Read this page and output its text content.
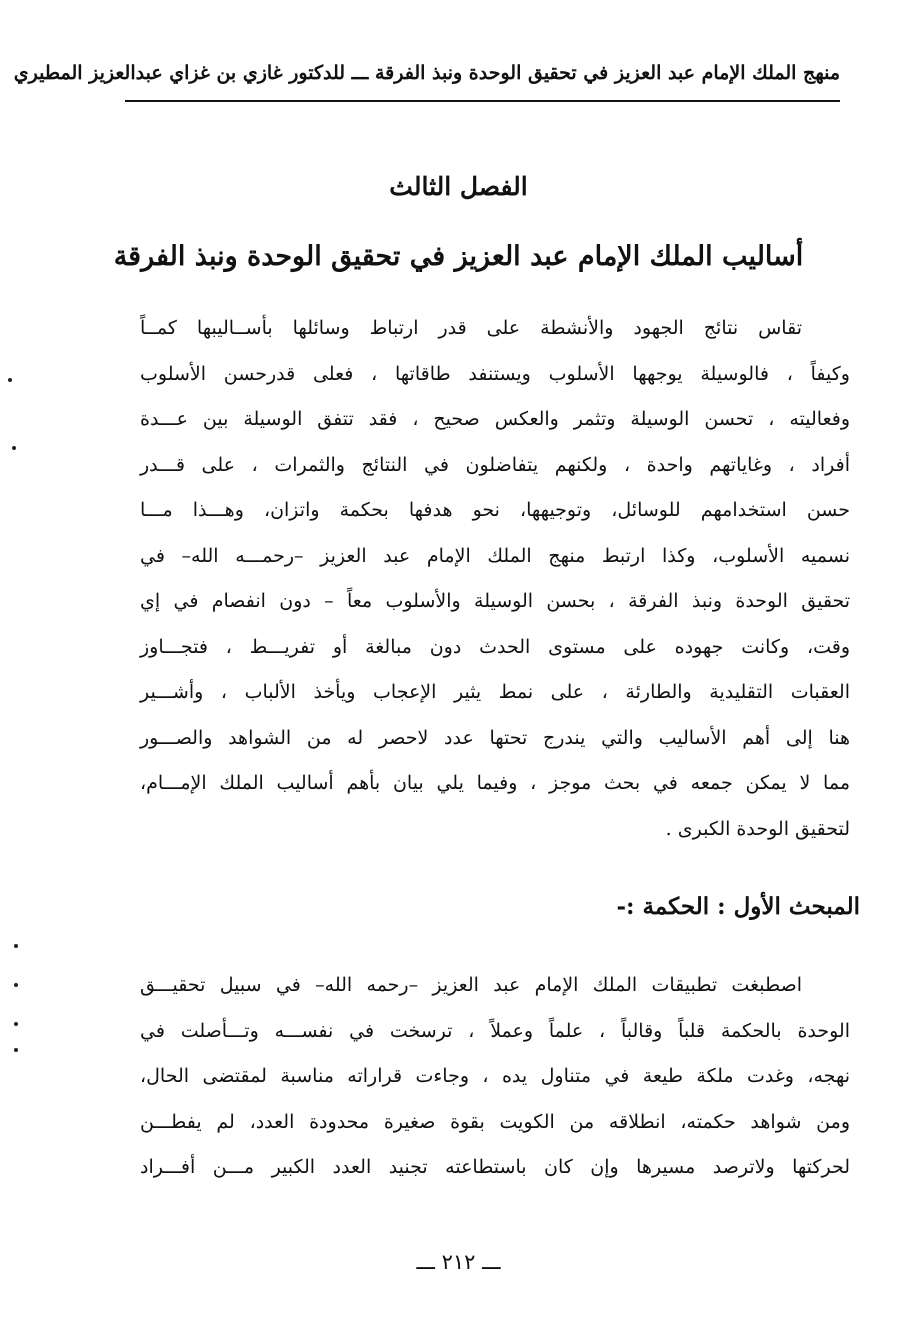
منهج الملك الإمام عبد العزيز في تحقيق الوحدة ونبذ الفرقة ـــ للدكتور غازي بن غزاي عبدالعزيز المطيري
الفصل الثالث
أساليب الملك الإمام عبد العزيز في تحقيق الوحدة ونبذ الفرقة
تقاس نتائج الجهود والأنشطة على قدر ارتباط وسائلها بأســاليبها كمــاً
وكيفاً ، فالوسيلة يوجهها الأسلوب ويستنفد طاقاتها ، فعلى قدرحسن الأسلوب
وفعاليته ، تحسن الوسيلة وتثمر والعكس صحيح ، فقد تتفق الوسيلة بين عـــدة
أفراد ، وغاياتهم واحدة ، ولكنهم يتفاضلون في النتائج والثمرات ، على قـــدر
حسن استخدامهم للوسائل، وتوجيهها، نحو هدفها بحكمة واتزان، وهـــذا مـــا
نسميه الأسلوب، وكذا ارتبط منهج الملك الإمام عبد العزيز –رحمـــه الله– في
تحقيق الوحدة ونبذ الفرقة ، بحسن الوسيلة والأسلوب معاً – دون انفصام في إي
وقت، وكانت جهوده على مستوى الحدث دون مبالغة أو تفريـــط ، فتجـــاوز
العقبات التقليدية والطارئة ، على نمط يثير الإعجاب ويأخذ الألباب ، وأشـــير
هنا إلى أهم الأساليب والتي يندرج تحتها عدد لاحصر له من الشواهد والصـــور
مما لا يمكن جمعه في بحث موجز ، وفيما يلي بيان بأهم أساليب الملك الإمـــام،
لتحقيق الوحدة الكبرى .
المبحث الأول : الحكمة :-
اصطبغت تطبيقات الملك الإمام عبد العزيز –رحمه الله– في سبيل تحقيـــق
الوحدة بالحكمة قلباً وقالباً ، علماً وعملاً ، ترسخت في نفســـه وتـــأصلت في
نهجه، وغدت ملكة طيعة في متناول يده ، وجاءت قراراته مناسبة لمقتضى الحال،
ومن شواهد حكمته، انطلاقه من الكويت بقوة صغيرة محدودة العدد، لم يفطـــن
لحركتها ولاترصد مسيرها وإن كان باستطاعته تجنيد العدد الكبير مـــن أفـــراد
ـــ ٢١٢ ـــ
